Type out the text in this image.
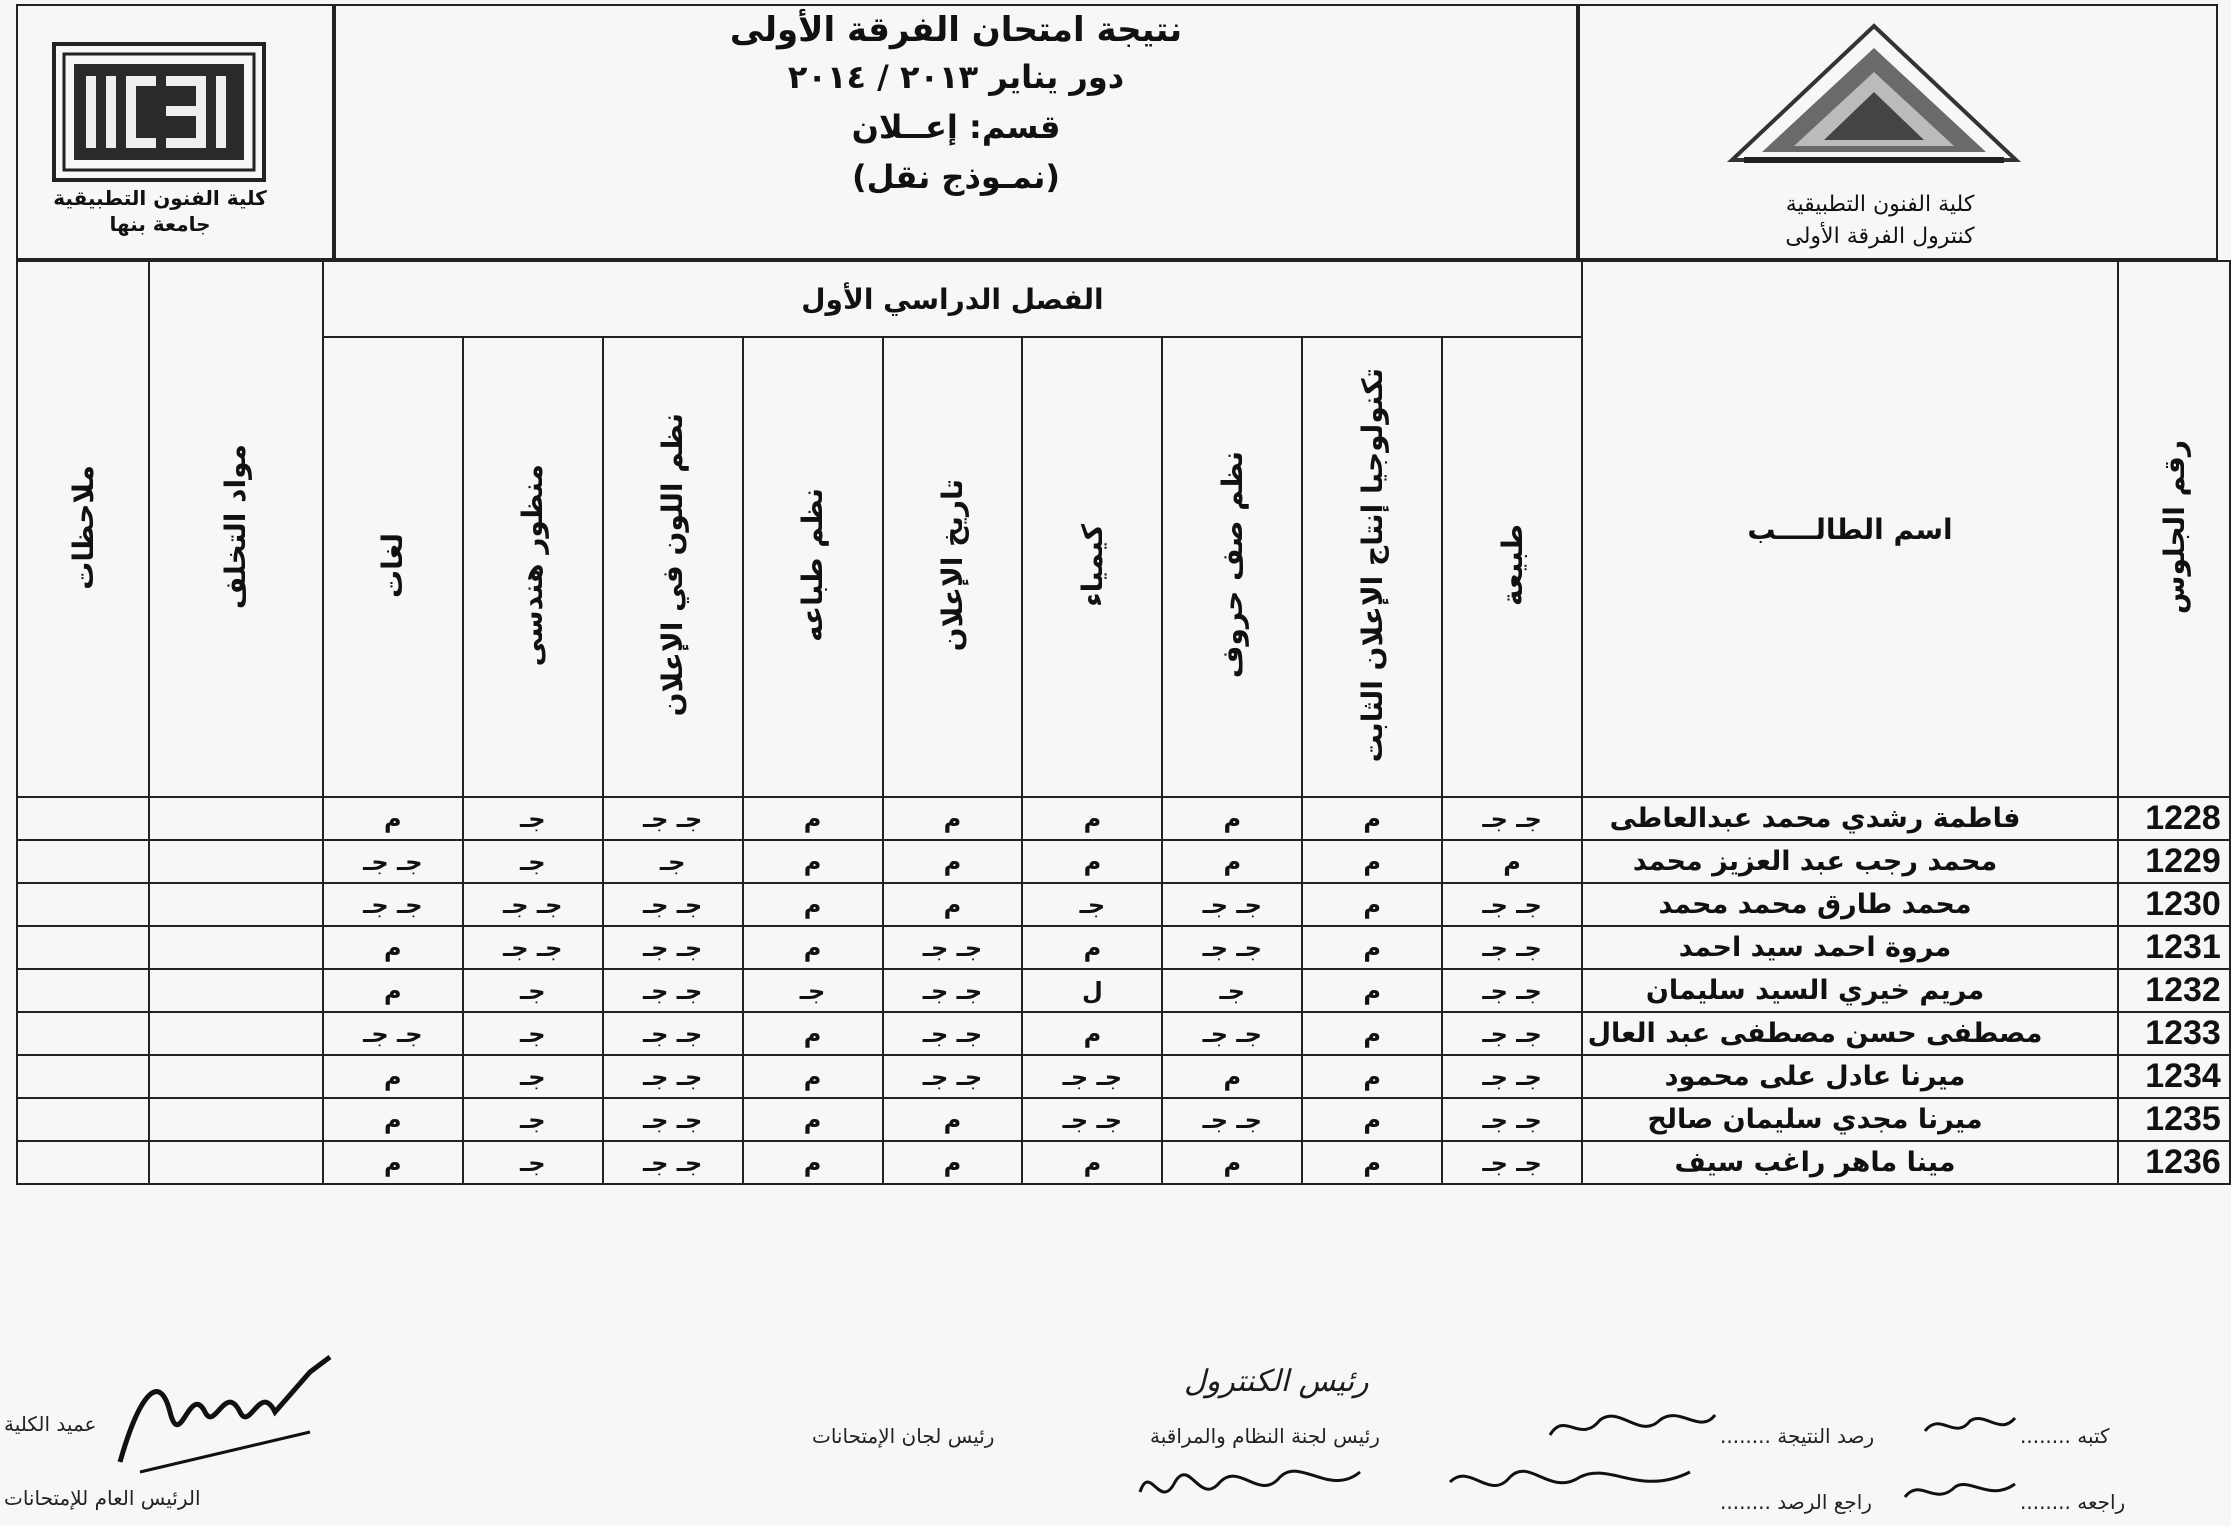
كلية الفنون التطبيقية
جامعة بنها
نتيجة امتحان الفرقة الأولى
دور يناير ٢٠١٣ / ٢٠١٤
قسم: إعــلان
(نمـوذج نقل)
كلية الفنون التطبيقية
كنترول الفرقة الأولى
رقم الجلوس	اسم الطالــــب	الفصل الدراسي الأول									مواد التخلف	ملاحظات
		طبيعة	تكنولوجيا إنتاج الإعلان الثابت	نظم صف حروف	كيمياء	تاريخ الإعلان	نظم طباعه	نظم اللون في الإعلان	منظور هندسى	لغات		
1228	فاطمة رشدي محمد عبدالعاطى	جـ جـ	م	م	م	م	م	جـ جـ	جـ	م		
1229	محمد رجب عبد العزيز محمد	م	م	م	م	م	م	جـ	جـ	جـ جـ		
1230	محمد طارق محمد محمد	جـ جـ	م	جـ جـ	جـ	م	م	جـ جـ	جـ جـ	جـ جـ		
1231	مروة احمد سيد احمد	جـ جـ	م	جـ جـ	م	جـ جـ	م	جـ جـ	جـ جـ	م		
1232	مريم خيري السيد سليمان	جـ جـ	م	جـ	ل	جـ جـ	جـ	جـ جـ	جـ	م		
1233	مصطفى حسن مصطفى عبد العال	جـ جـ	م	جـ جـ	م	جـ جـ	م	جـ جـ	جـ	جـ جـ		
1234	ميرنا عادل على محمود	جـ جـ	م	م	جـ جـ	جـ جـ	م	جـ جـ	جـ	م		
1235	ميرنا مجدي سليمان صالح	جـ جـ	م	جـ جـ	جـ جـ	م	م	جـ جـ	جـ	م		
1236	مينا ماهر راغب سيف	جـ جـ	م	م	م	م	م	جـ جـ	جـ	م		
كتبه ........
راجعه ........
رصد النتيجة ........
راجع الرصد ........
رئيس الكنترول
رئيس لجنة النظام والمراقبة
رئيس لجان الإمتحانات
عميد الكلية
الرئيس العام للإمتحانات
